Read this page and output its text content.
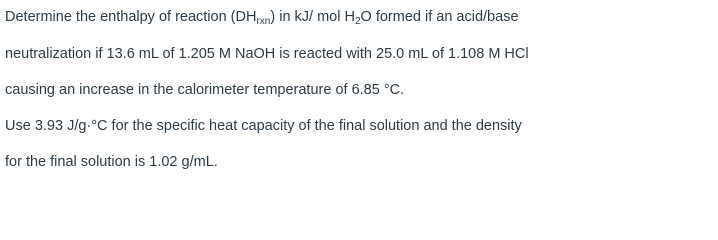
Determine the enthalpy of reaction $(DH_{rxn})$ in kJ/ mol $H_2O$ formed if an acid/base
neutralization if 13.6 mL of 1.205 M NaOH is reacted with 25.0 mL of 1.108 M HCl
causing an increase in the calorimeter temperature of 6.85 °C.
Use 3.93 J/g·°C for the specific heat capacity of the final solution and the density
for the final solution is 1.02 g/mL.
